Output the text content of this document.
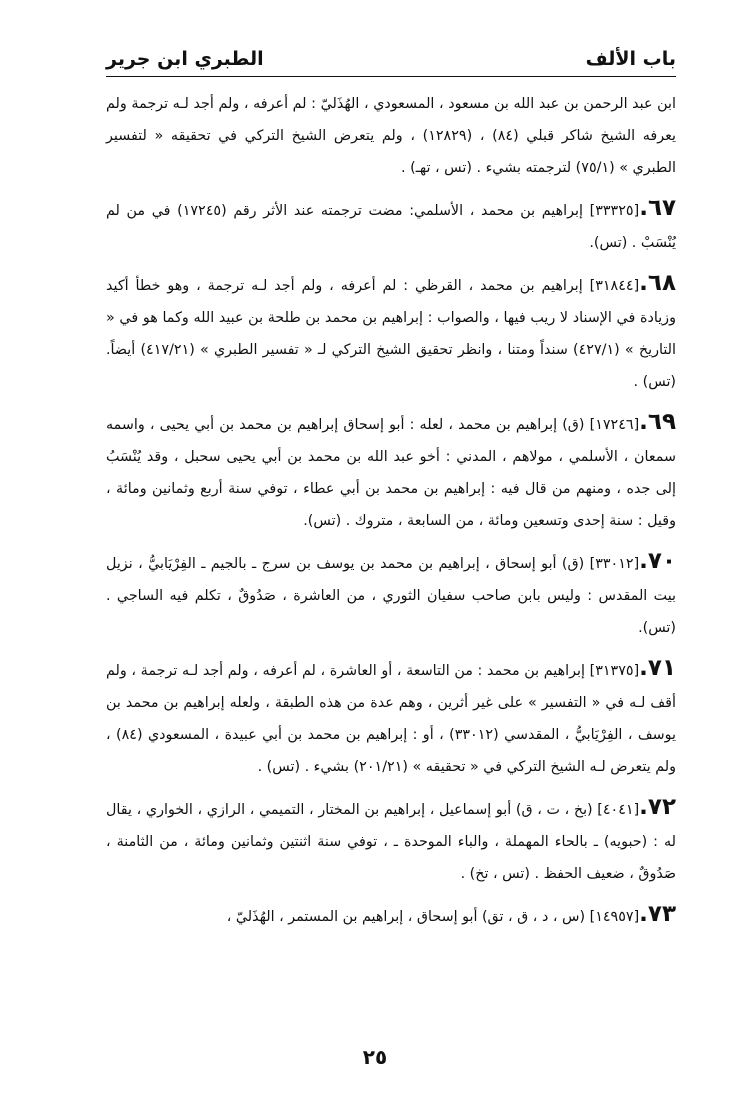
باب الألف
الطبري ابن جرير

ابن عبد الرحمن بن عبد الله بن مسعود ، المسعودي ، الهُذَليّ : لم أعرفه ، ولم أجد لـه ترجمة ولم يعرفه الشيخ شاكر قبلي (٨٤) ، (١٢٨٢٩) ، ولم يتعرض الشيخ التركي في تحقيقه « لتفسير الطبري » (٧٥/١) لترجمته بشيء . (تس ، تهـ) .

٦٧.[٣٣٣٢٥] إبراهيم بن محمد ، الأسلمي: مضت ترجمته عند الأثر رقم (١٧٢٤٥) في من لم يُنْسَبْ . (تس).

٦٨.[٣١٨٤٤] إبراهيم بن محمد ، القرظي : لم أعرفه ، ولم أجد لـه ترجمة ، وهو خطأ أكيد وزيادة في الإسناد لا ريب فيها ، والصواب : إبراهيم بن محمد بن طلحة بن عبيد الله وكما هو في « التاريخ » (٤٢٧/١) سنداً ومتنا ، وانظر تحقيق الشيخ التركي لـ « تفسير الطبري » (٤١٧/٢١) أيضاً. (تس) .

٦٩.[١٧٢٤٦] (ق) إبراهيم بن محمد ، لعله : أبو إسحاق إبراهيم بن محمد بن أبي يحيى ، واسمه سمعان ، الأسلمي ، مولاهم ، المدني : أخو عبد الله بن محمد بن أبي يحيى سحبل ، وقد يُنْسَبُ إلى جده ، ومنهم من قال فيه : إبراهيم بن محمد بن أبي عطاء ، توفي سنة أربع وثمانين ومائة ، وقيل : سنة إحدى وتسعين ومائة ، من السابعة ، متروك . (تس).

٧٠.[٣٣٠١٢] (ق) أبو إسحاق ، إبراهيم بن محمد بن يوسف بن سرج ـ بالجيم ـ الفِرْيَابيُّ ، نزيل بيت المقدس : وليس بابن صاحب سفيان الثوري ، من العاشرة ، صَدُوقٌ ، تكلم فيه الساجي . (تس).

٧١.[٣١٣٧٥] إبراهيم بن محمد : من التاسعة ، أو العاشرة ، لم أعرفه ، ولم أجد لـه ترجمة ، ولم أقف لـه في « التفسير » على غير أثرين ، وهم عدة من هذه الطبقة ، ولعله إبراهيم بن محمد بن يوسف ، الفِرْيَابيُّ ، المقدسي (٣٣٠١٢) ، أو : إبراهيم بن محمد بن أبي عبيدة ، المسعودي (٨٤) ، ولم يتعرض لـه الشيخ التركي في « تحقيقه » (٢٠١/٢١) بشيء . (تس) .

٧٢.[٤٠٤١] (بخ ، ت ، ق) أبو إسماعيل ، إبراهيم بن المختار ، التميمي ، الرازي ، الخواري ، يقال له : (حبويه) ـ بالحاء المهملة ، والباء الموحدة ـ ، توفي سنة اثنتين وثمانين ومائة ، من الثامنة ، صَدُوقٌ ، ضعيف الحفظ . (تس ، تخ) .

٧٣.[١٤٩٥٧] (س ، د ، ق ، تق) أبو إسحاق ، إبراهيم بن المستمر ، الهُذَليّ ،

٢٥
